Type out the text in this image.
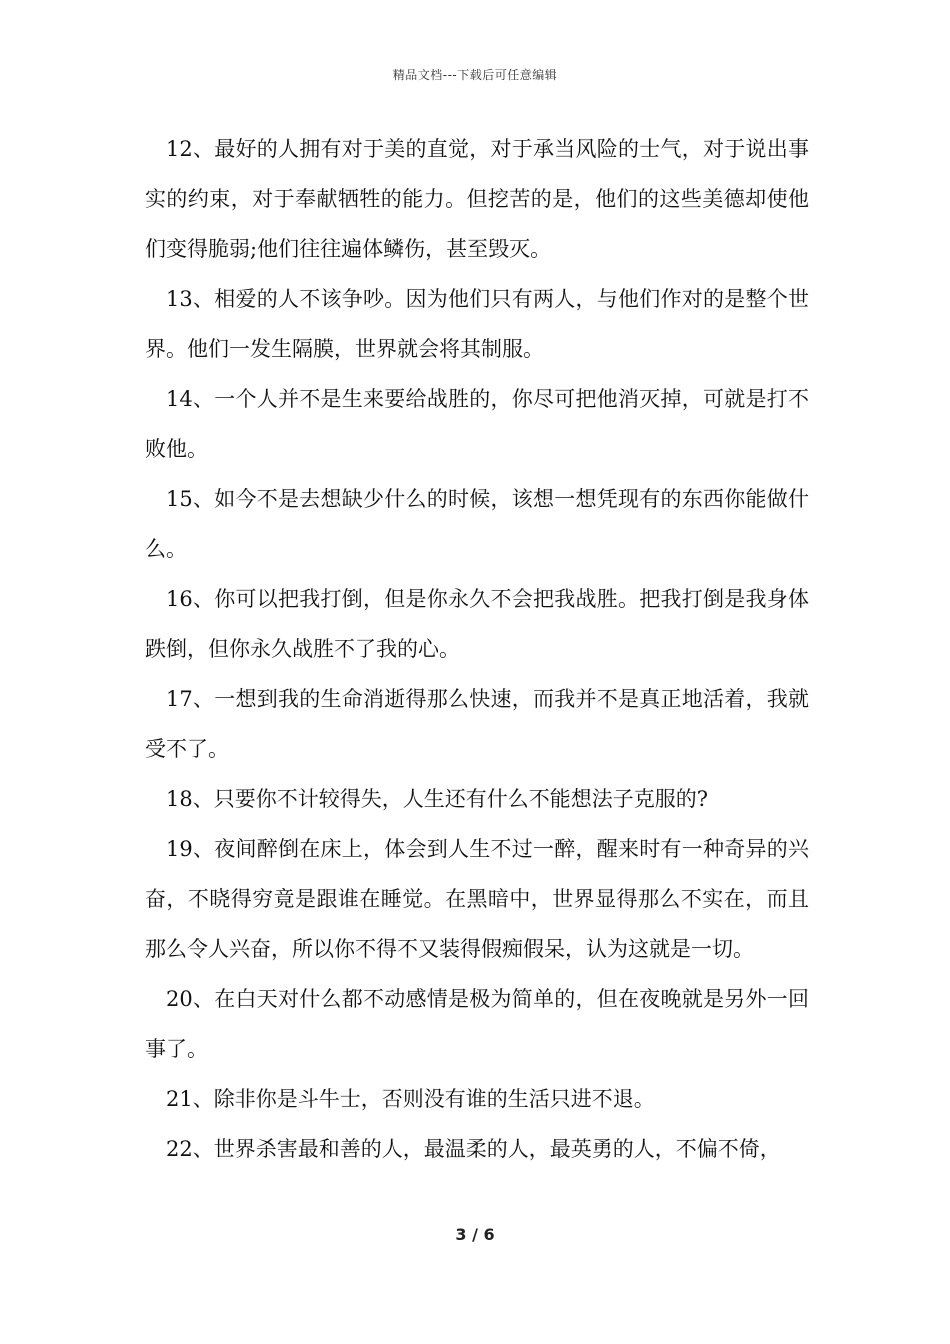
精品文档---下载后可任意编辑

12、最好的人拥有对于美的直觉，对于承当风险的士气，对于说出事实的约束，对于奉献牺牲的能力。但挖苦的是，他们的这些美德却使他们变得脆弱;他们往往遍体鳞伤，甚至毁灭。

13、相爱的人不该争吵。因为他们只有两人，与他们作对的是整个世界。他们一发生隔膜，世界就会将其制服。

14、一个人并不是生来要给战胜的，你尽可把他消灭掉，可就是打不败他。

15、如今不是去想缺少什么的时候，该想一想凭现有的东西你能做什么。

16、你可以把我打倒，但是你永久不会把我战胜。把我打倒是我身体跌倒，但你永久战胜不了我的心。

17、一想到我的生命消逝得那么快速，而我并不是真正地活着，我就受不了。

18、只要你不计较得失，人生还有什么不能想法子克服的?

19、夜间醉倒在床上，体会到人生不过一醉，醒来时有一种奇异的兴奋，不晓得穷竟是跟谁在睡觉。在黑暗中，世界显得那么不实在，而且那么令人兴奋，所以你不得不又装得假痴假呆，认为这就是一切。

20、在白天对什么都不动感情是极为简单的，但在夜晚就是另外一回事了。

21、除非你是斗牛士，否则没有谁的生活只进不退。

22、世界杀害最和善的人，最温柔的人，最英勇的人，不偏不倚，

3 / 6
